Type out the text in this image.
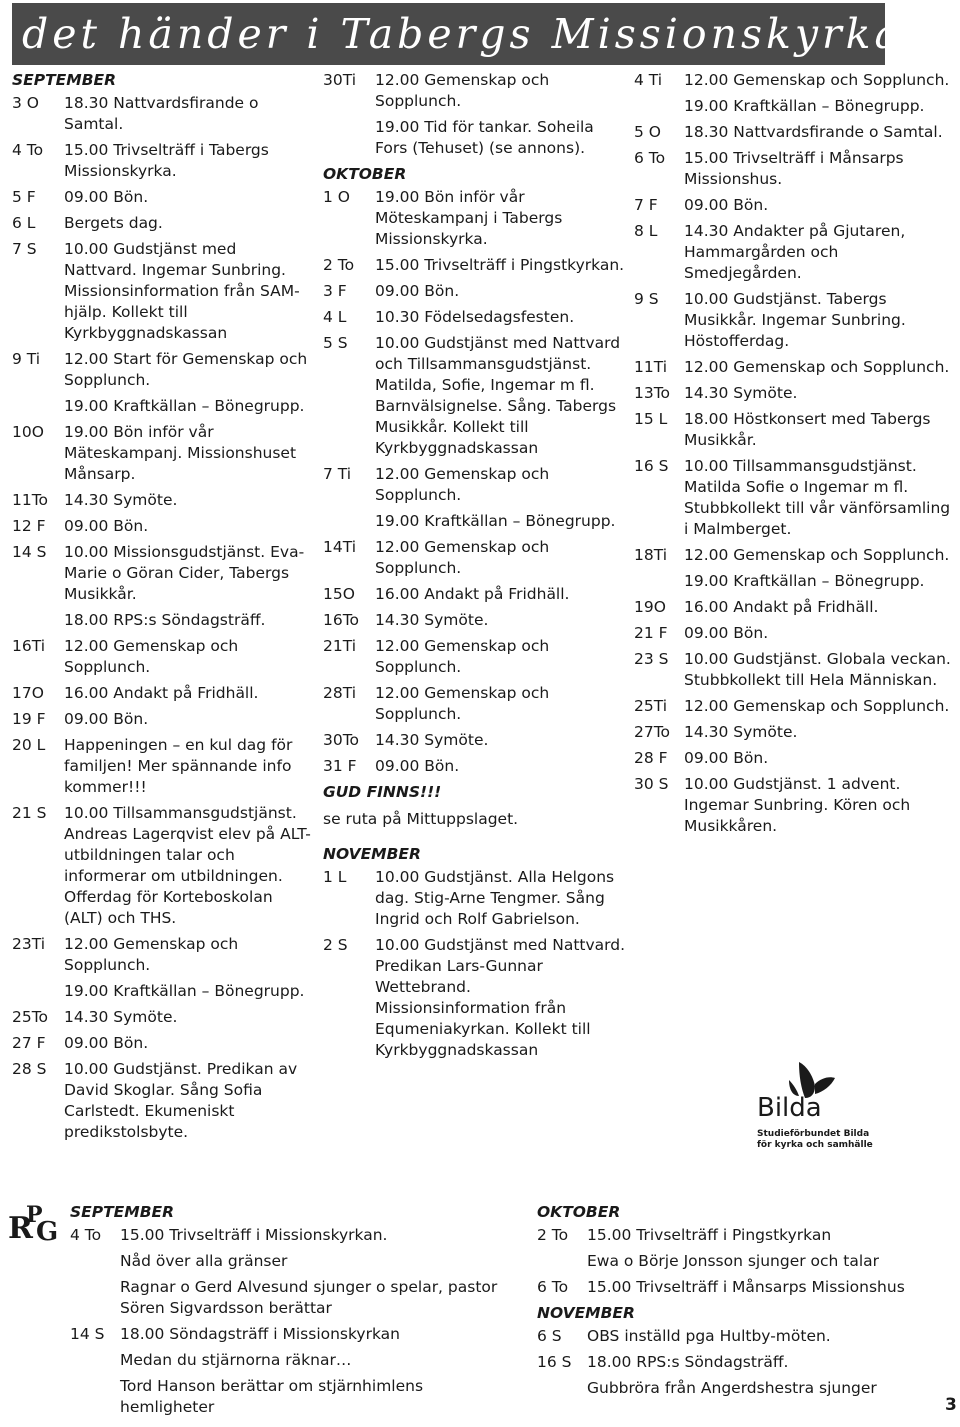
det händer i Tabergs Missionskyrka
SEPTEMBER
3 O	18.30 Nattvardsfirande o Samtal.
4 To	15.00 Trivselträff i Tabergs Missionskyrka.
5 F	09.00 Bön.
6 L	Bergets dag.
7 S	10.00 Gudstjänst med Nattvard. Ingemar Sunbring. Missionsinformation från SAM-hjälp. Kollekt till Kyrkbyggnadskassan
9 Ti	12.00 Start för Gemenskap och Sopplunch.
19.00 Kraftkällan – Bönegrupp.
10O	19.00 Bön inför vår Mäteskampanj. Missionshuset Månsarp.
11To	14.30 Symöte.
12 F	09.00 Bön.
14 S	10.00 Missionsgudstjänst. Eva-Marie o Göran Cider, Tabergs Musikkår.
18.00 RPS:s Söndagsträff.
16Ti	12.00 Gemenskap och Sopplunch.
17O	16.00 Andakt på Fridhäll.
19 F	09.00 Bön.
20 L	Happeningen – en kul dag för familjen! Mer spännande info kommer!!!
21 S	10.00 Tillsammansgudstjänst. Andreas Lagerqvist elev på ALT-utbildningen talar och informerar om utbildningen. Offerdag för Korteboskolan (ALT) och THS.
23Ti	12.00 Gemenskap och Sopplunch.
19.00 Kraftkällan – Bönegrupp.
25To	14.30 Symöte.
27 F	09.00 Bön.
28 S	10.00 Gudstjänst. Predikan av David Skoglar. Sång Sofia Carlstedt. Ekumeniskt predikstolsbyte.
30Ti	12.00 Gemenskap och Sopplunch.
19.00 Tid för tankar. Soheila Fors (Tehuset) (se annons).
OKTOBER
1 O	19.00 Bön inför vår Möteskampanj i Tabergs Missionskyrka.
2 To	15.00 Trivselträff i Pingstkyrkan.
3 F	09.00 Bön.
4 L	10.30 Födelsedagsfesten.
5 S	10.00 Gudstjänst med Nattvard och Tillsammansgudstjänst. Matilda, Sofie, Ingemar m fl. Barnvälsignelse. Sång. Tabergs Musikkår. Kollekt till Kyrkbyggnadskassan
7 Ti	12.00 Gemenskap och Sopplunch.
19.00 Kraftkällan – Bönegrupp.
14Ti	12.00 Gemenskap och Sopplunch.
15O	16.00 Andakt på Fridhäll.
16To	14.30 Symöte.
21Ti	12.00 Gemenskap och Sopplunch.
28Ti	12.00 Gemenskap och Sopplunch.
30To	14.30 Symöte.
31 F	09.00 Bön.
GUD FINNS!!!
se ruta på Mittuppslaget.
NOVEMBER
1 L	10.00 Gudstjänst. Alla Helgons dag. Stig-Arne Tengmer. Sång Ingrid och Rolf Gabrielson.
2 S	10.00 Gudstjänst med Nattvard. Predikan Lars-Gunnar Wettebrand. Missionsinformation från Equmeniakyrkan. Kollekt till Kyrkbyggnadskassan
4 Ti	12.00 Gemenskap och Sopplunch.
19.00 Kraftkällan – Bönegrupp.
5 O	18.30 Nattvardsfirande o Samtal.
6 To	15.00 Trivselträff i Månsarps Missionshus.
7 F	09.00 Bön.
8 L	14.30 Andakter på Gjutaren, Hammargården och Smedjegården.
9 S	10.00 Gudstjänst. Tabergs Musikkår. Ingemar Sunbring. Höstofferdag.
11Ti	12.00 Gemenskap och Sopplunch.
13To 14.30 Symöte.
15 L	18.00 Höstkonsert med Tabergs Musikkår.
16 S	10.00 Tillsammansgudstjänst. Matilda Sofie o Ingemar m fl. Stubbkollekt till vår vänförsamling i Malmberget.
18Ti	12.00 Gemenskap och Sopplunch.
19.00 Kraftkällan – Bönegrupp.
19O	16.00 Andakt på Fridhäll.
21 F	09.00 Bön.
23 S	10.00 Gudstjänst. Globala veckan. Stubbkollekt till Hela Människan.
25Ti	12.00 Gemenskap och Sopplunch.
27To 14.30 Symöte.
28 F	09.00 Bön.
30 S	10.00 Gudstjänst. 1 advent. Ingemar Sunbring. Kören och Musikkåren.
Bilda
Studieförbundet Bilda
för kyrka och samhälle
R
P
G
SEPTEMBER
4 To	15.00 Trivselträff i Missionskyrkan.
Nåd över alla gränser
Ragnar o Gerd Alvesund sjunger o spelar, pastor Sören Sigvardsson berättar
14 S	18.00 Söndagsträff i Missionskyrkan
Medan du stjärnorna räknar…
Tord Hanson berättar om stjärnhimlens hemligheter
OKTOBER
2 To	15.00 Trivselträff i Pingstkyrkan
Ewa o Börje Jonsson sjunger och talar
6 To	15.00 Trivselträff i Månsarps Missionshus
NOVEMBER
6 S	OBS inställd pga Hultby-möten.
16 S	18.00 RPS:s Söndagsträff.
Gubbröra från Angerdshestra sjunger
3
